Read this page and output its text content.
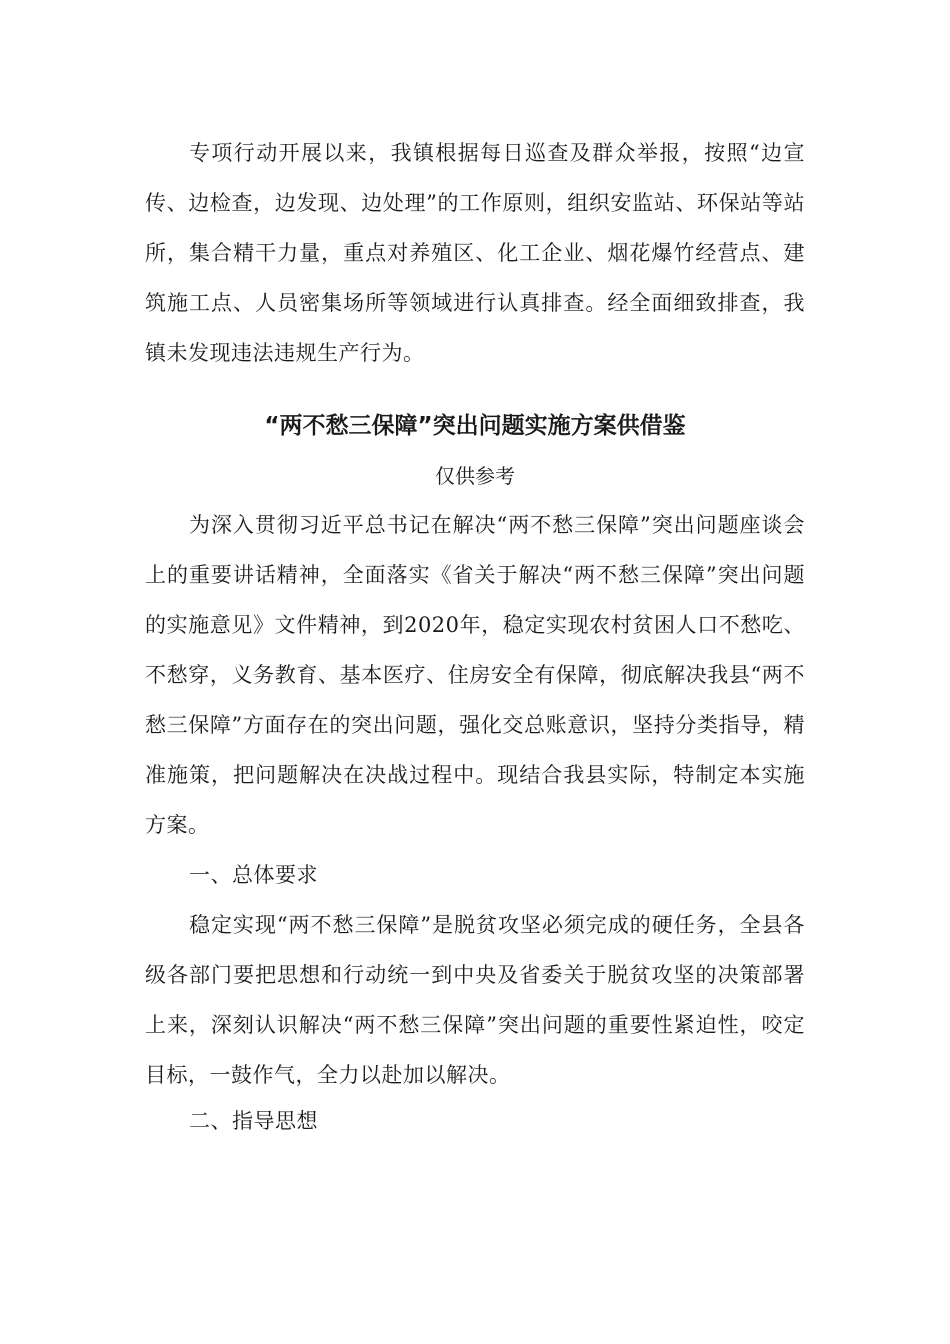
专项行动开展以来，我镇根据每日巡查及群众举报，按照“边宣传、边检查，边发现、边处理”的工作原则，组织安监站、环保站等站所，集合精干力量，重点对养殖区、化工企业、烟花爆竹经营点、建筑施工点、人员密集场所等领域进行认真排查。经全面细致排查，我镇未发现违法违规生产行为。

“两不愁三保障”突出问题实施方案供借鉴
仅供参考

为深入贯彻习近平总书记在解决“两不愁三保障”突出问题座谈会上的重要讲话精神，全面落实《省关于解决“两不愁三保障”突出问题的实施意见》文件精神，到2020年，稳定实现农村贫困人口不愁吃、不愁穿，义务教育、基本医疗、住房安全有保障，彻底解决我县“两不愁三保障”方面存在的突出问题，强化交总账意识，坚持分类指导，精准施策，把问题解决在决战过程中。现结合我县实际，特制定本实施方案。

一、总体要求

稳定实现“两不愁三保障”是脱贫攻坚必须完成的硬任务，全县各级各部门要把思想和行动统一到中央及省委关于脱贫攻坚的决策部署上来，深刻认识解决“两不愁三保障”突出问题的重要性紧迫性，咬定目标，一鼓作气，全力以赴加以解决。

二、指导思想
